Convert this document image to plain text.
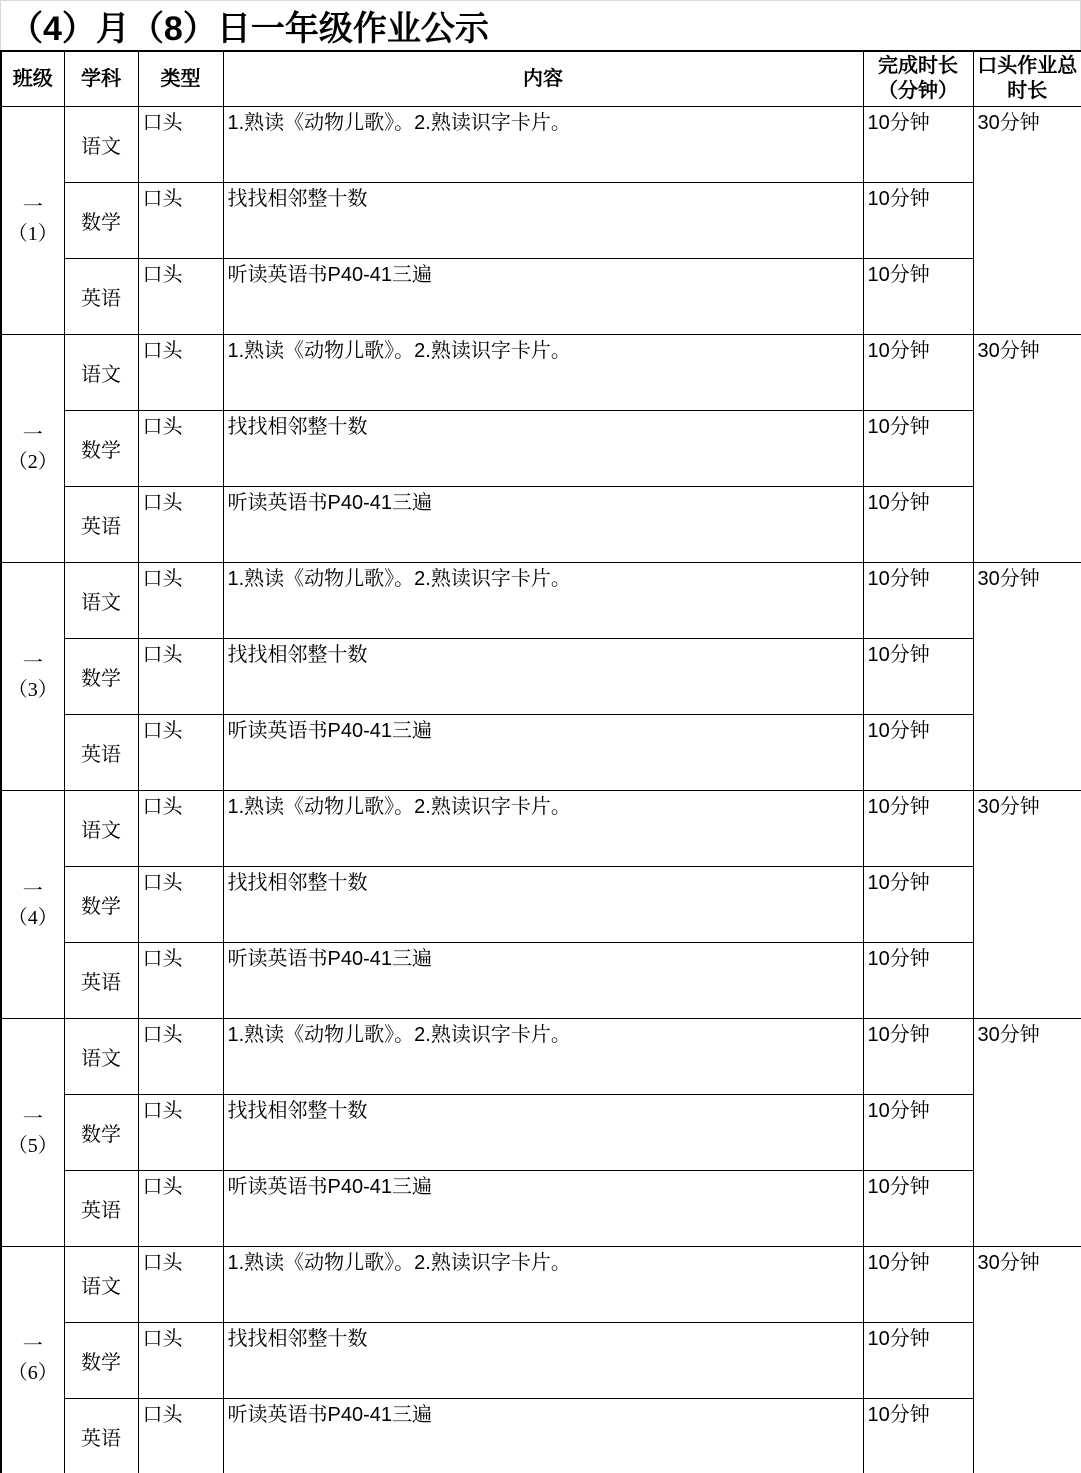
（4）月（8）日一年级作业公示
班级	学科	类型	内容	完成时长（分钟）	口头作业总时长

一
（1）	语文	口头	1.熟读《动物儿歌》。2.熟读识字卡片。	10分钟	30分钟
	数学	口头	找找相邻整十数	10分钟	
	英语	口头	听读英语书P40-41三遍	10分钟	

一
（2）	语文	口头	1.熟读《动物儿歌》。2.熟读识字卡片。	10分钟	30分钟
	数学	口头	找找相邻整十数	10分钟	
	英语	口头	听读英语书P40-41三遍	10分钟	

一
（3）	语文	口头	1.熟读《动物儿歌》。2.熟读识字卡片。	10分钟	30分钟
	数学	口头	找找相邻整十数	10分钟	
	英语	口头	听读英语书P40-41三遍	10分钟	

一
（4）	语文	口头	1.熟读《动物儿歌》。2.熟读识字卡片。	10分钟	30分钟
	数学	口头	找找相邻整十数	10分钟	
	英语	口头	听读英语书P40-41三遍	10分钟	

一
（5）	语文	口头	1.熟读《动物儿歌》。2.熟读识字卡片。	10分钟	30分钟
	数学	口头	找找相邻整十数	10分钟	
	英语	口头	听读英语书P40-41三遍	10分钟	

一
（6）	语文	口头	1.熟读《动物儿歌》。2.熟读识字卡片。	10分钟	30分钟
	数学	口头	找找相邻整十数	10分钟	
	英语	口头	听读英语书P40-41三遍	10分钟	
